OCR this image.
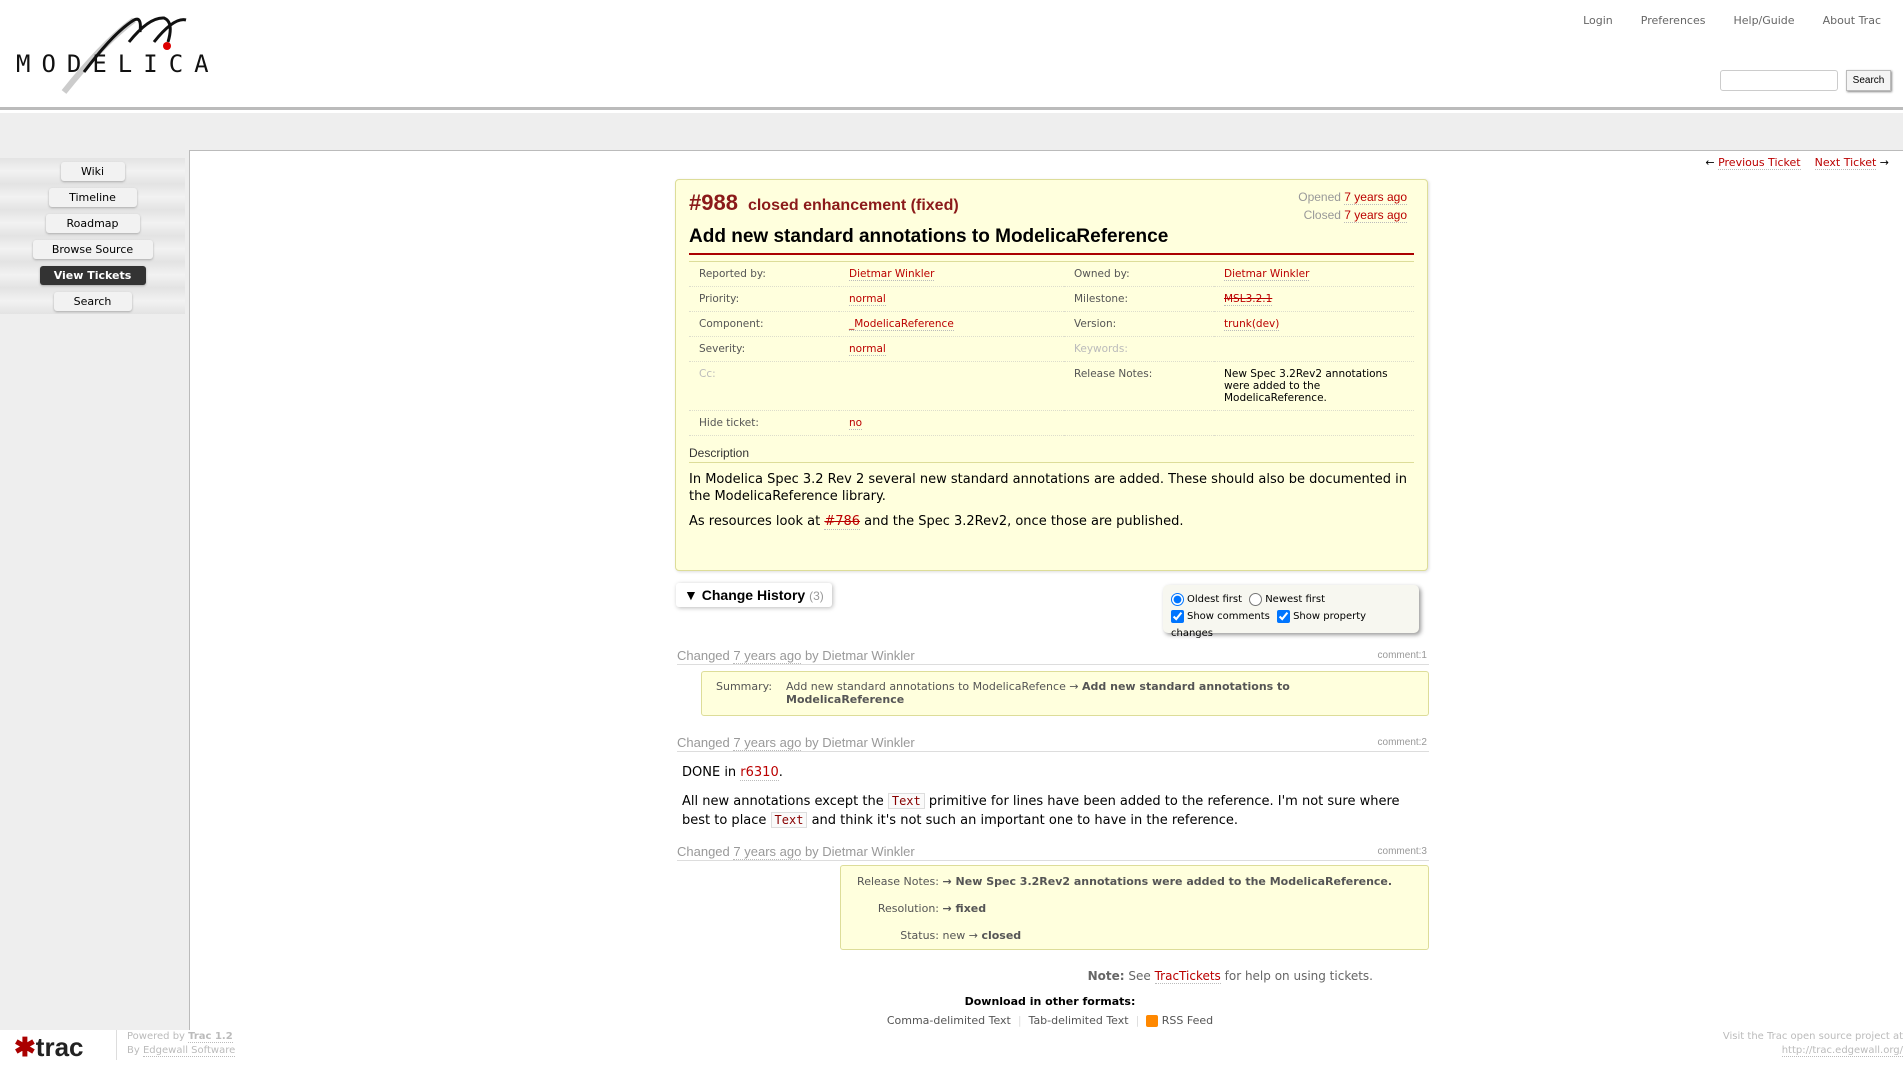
MODELICA
Login	Preferences	Help/Guide	About Trac
Search
Wiki
Timeline
Roadmap
Browse Source
View Tickets
Search
← Previous Ticket Next Ticket →
#988 closed enhancement (fixed)	Opened 7 years ago
Closed 7 years ago
Add new standard annotations to ModelicaReference
Reported by:	Dietmar Winkler	Owned by:	Dietmar Winkler
Priority:	normal	Milestone:	MSL3.2.1
Component:	_ModelicaReference	Version:	trunk(dev)
Severity:	normal	Keywords:	
Cc:		Release Notes:	New Spec 3.2Rev2 annotations were added to the ModelicaReference.
Hide ticket:	no		
Description

In Modelica Spec 3.2 Rev 2 several new standard annotations are added. These should also be documented in the ModelicaReference library.

As resources look at #786 and the Spec 3.2Rev2, once those are published.

▼ Change History (3)	Oldest first Newest first
Show comments Show property changes
Changed 7 years ago by Dietmar Winkler	comment:1
Summary:	Add new standard annotations to ModelicaRefence → Add new standard annotations to ModelicaReference
Changed 7 years ago by Dietmar Winkler	comment:2

DONE in r6310.

All new annotations except the Text primitive for lines have been added to the reference. I'm not sure where best to place Text and think it's not such an important one to have in the reference.

Changed 7 years ago by Dietmar Winkler	comment:3
Release Notes: → New Spec 3.2Rev2 annotations were added to the ModelicaReference.
Resolution: → fixed
Status: new → closed
Note: See TracTickets for help on using tickets.
Download in other formats:
Comma-delimited Text  |  Tab-delimited Text  |   RSS Feed
✱trac	Powered by Trac 1.2
By Edgewall Software
Visit the Trac open source project at
http://trac.edgewall.org/
